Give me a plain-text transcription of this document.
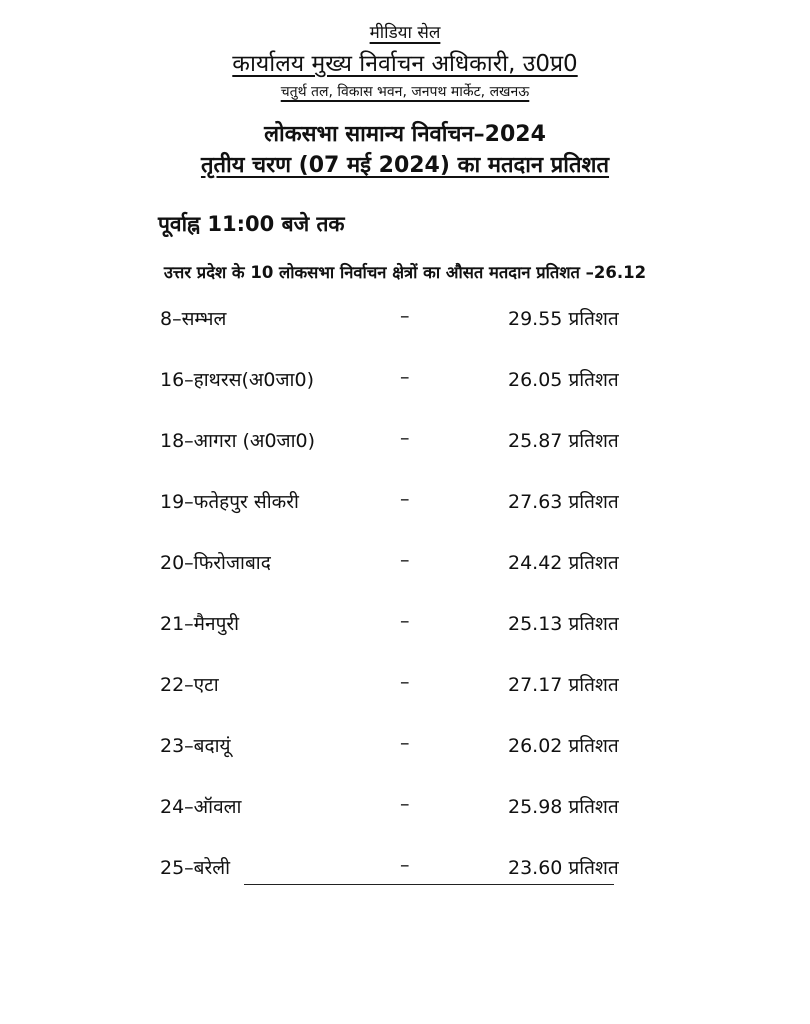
मीडिया सेल
कार्यालय मुख्य निर्वाचन अधिकारी, उ0प्र0
चतुर्थ तल, विकास भवन, जनपथ मार्केट, लखनऊ
लोकसभा सामान्य निर्वाचन–2024
तृतीय चरण (07 मई 2024) का मतदान प्रतिशत
पूर्वाह्न 11:00 बजे तक
उत्तर प्रदेश के 10 लोकसभा निर्वाचन क्षेत्रों का औसत मतदान प्रतिशत –26.12
8–सम्भल	–	29.55 प्रतिशत
16–हाथरस(अ0जा0)	–	26.05 प्रतिशत
18–आगरा (अ0जा0)	–	25.87 प्रतिशत
19–फतेहपुर सीकरी	–	27.63 प्रतिशत
20–फिरोजाबाद	–	24.42 प्रतिशत
21–मैनपुरी	–	25.13 प्रतिशत
22–एटा	–	27.17 प्रतिशत
23–बदायूं	–	26.02 प्रतिशत
24–ऑवला	–	25.98 प्रतिशत
25–बरेली	–	23.60 प्रतिशत
